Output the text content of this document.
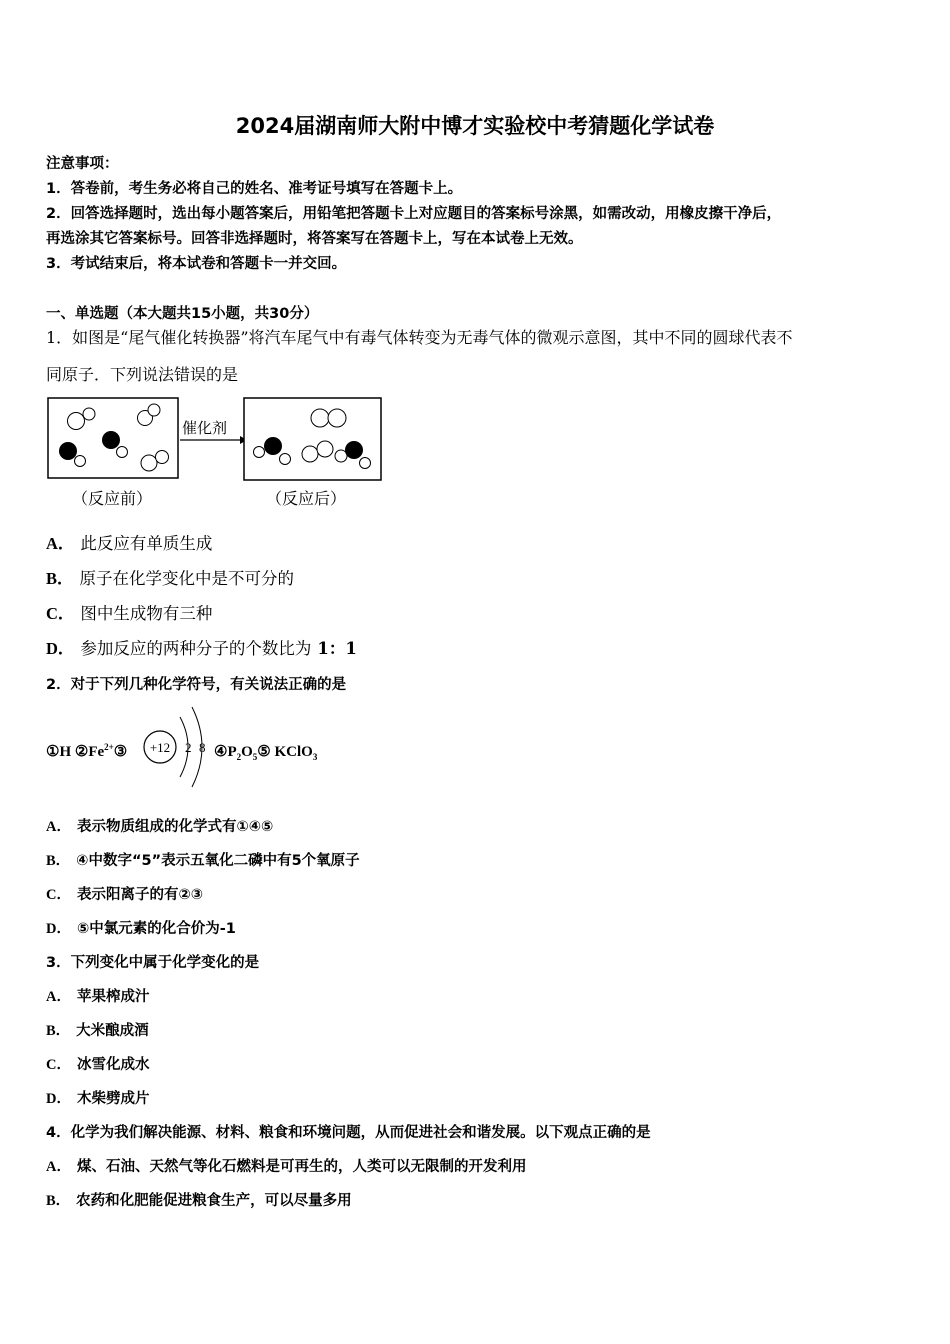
2024届湖南师大附中博才实验校中考猜题化学试卷
注意事项：
1．答卷前，考生务必将自己的姓名、准考证号填写在答题卡上。
2．回答选择题时，选出每小题答案后，用铅笔把答题卡上对应题目的答案标号涂黑，如需改动，用橡皮擦干净后，
再选涂其它答案标号。回答非选择题时，将答案写在答题卡上，写在本试卷上无效。
3．考试结束后，将本试卷和答题卡一并交回。
一、单选题（本大题共15小题，共30分）
1．如图是“尾气催化转换器”将汽车尾气中有毒气体转变为无毒气体的微观示意图，其中不同的圆球代表不
同原子．下列说法错误的是
催化剂
（反应前）	（反应后）
A． 此反应有单质生成
B． 原子在化学变化中是不可分的
C． 图中生成物有三种
D． 参加反应的两种分子的个数比为 1：1
2．对于下列几种化学符号，有关说法正确的是
①H $②Fe^{2+}③ +12$ 2 8 $④P_2O_5⑤$ KClO$_3$
A． 表示物质组成的化学式有①④⑤
B． ④中数字“5”表示五氧化二磷中有5个氧原子
C． 表示阳离子的有②③
D． ⑤中氯元素的化合价为-1
3．下列变化中属于化学变化的是
A． 苹果榨成汁
B． 大米酿成酒
C． 冰雪化成水
D． 木柴劈成片
4．化学为我们解决能源、材料、粮食和环境问题，从而促进社会和谐发展。以下观点正确的是
A． 煤、石油、天然气等化石燃料是可再生的，人类可以无限制的开发利用
B． 农药和化肥能促进粮食生产，可以尽量多用
